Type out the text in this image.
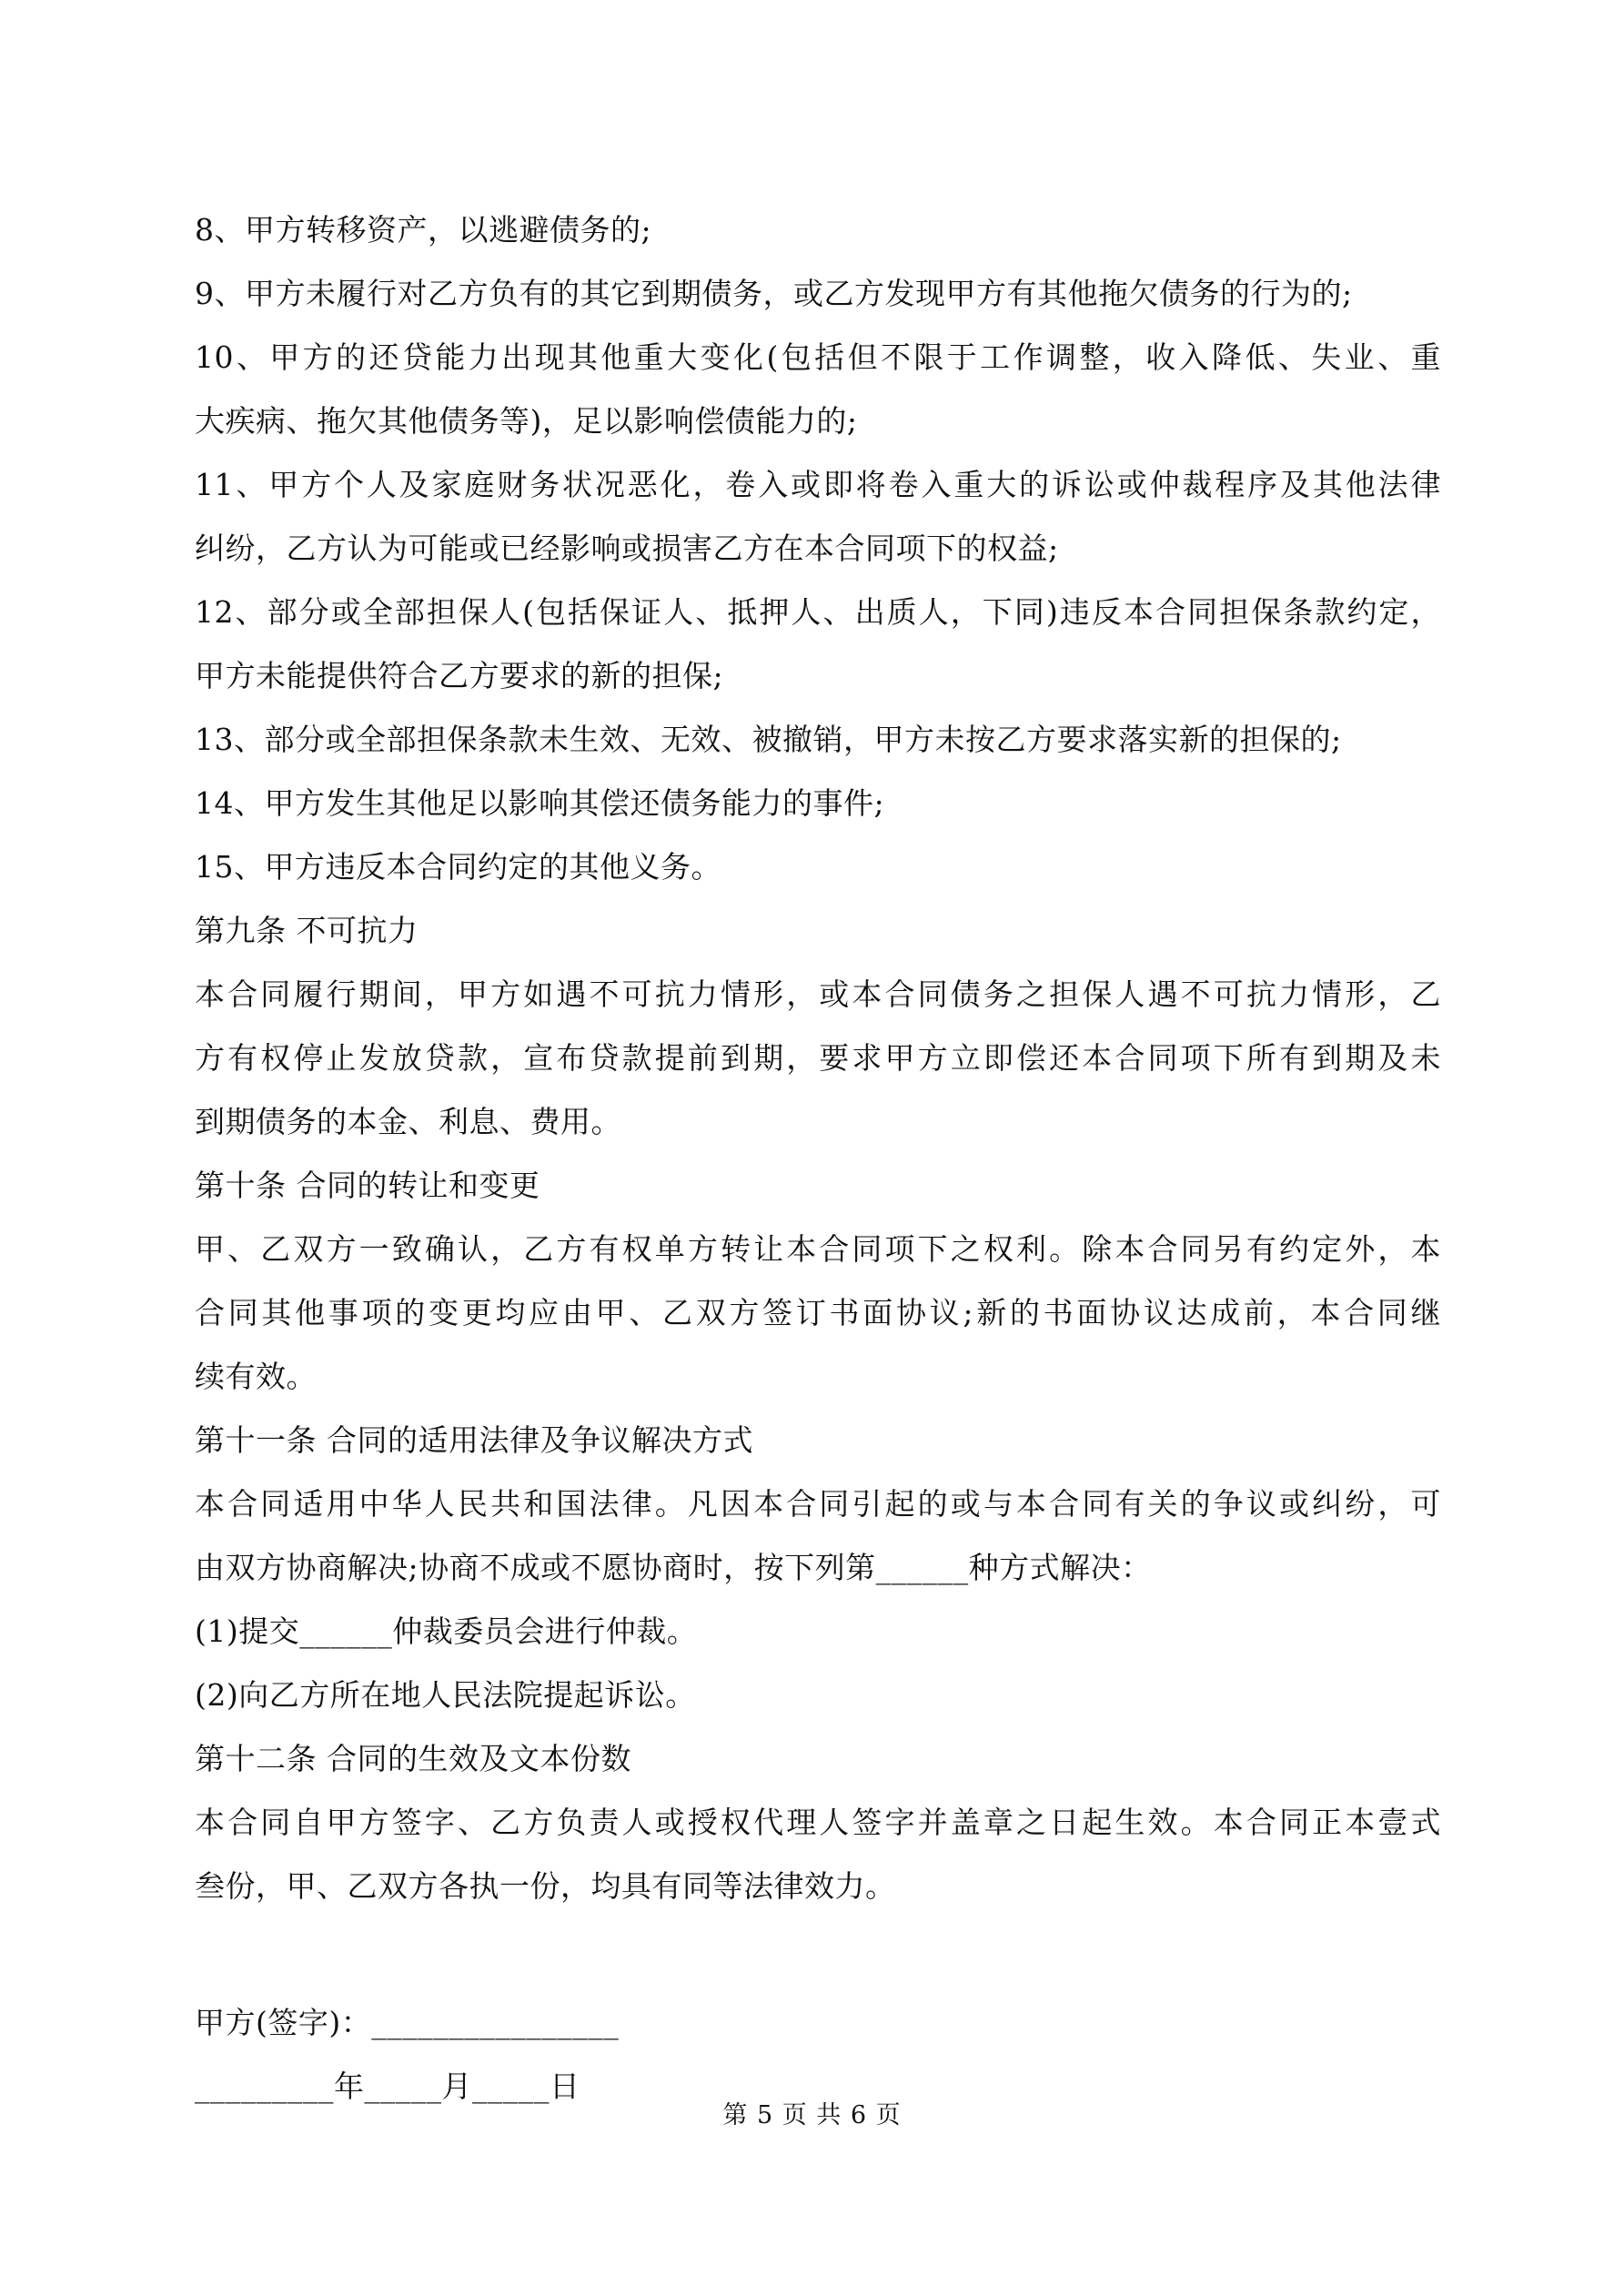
8、甲方转移资产，以逃避债务的;
9、甲方未履行对乙方负有的其它到期债务，或乙方发现甲方有其他拖欠债务的行为的;
10、甲方的还贷能力出现其他重大变化(包括但不限于工作调整，收入降低、失业、重
大疾病、拖欠其他债务等)，足以影响偿债能力的;
11、甲方个人及家庭财务状况恶化，卷入或即将卷入重大的诉讼或仲裁程序及其他法律
纠纷，乙方认为可能或已经影响或损害乙方在本合同项下的权益;
12、部分或全部担保人(包括保证人、抵押人、出质人，下同)违反本合同担保条款约定，
甲方未能提供符合乙方要求的新的担保;
13、部分或全部担保条款未生效、无效、被撤销，甲方未按乙方要求落实新的担保的;
14、甲方发生其他足以影响其偿还债务能力的事件;
15、甲方违反本合同约定的其他义务。
第九条 不可抗力
本合同履行期间，甲方如遇不可抗力情形，或本合同债务之担保人遇不可抗力情形，乙
方有权停止发放贷款，宣布贷款提前到期，要求甲方立即偿还本合同项下所有到期及未
到期债务的本金、利息、费用。
第十条 合同的转让和变更
甲、乙双方一致确认，乙方有权单方转让本合同项下之权利。除本合同另有约定外，本
合同其他事项的变更均应由甲、乙双方签订书面协议;新的书面协议达成前，本合同继
续有效。
第十一条 合同的适用法律及争议解决方式
本合同适用中华人民共和国法律。凡因本合同引起的或与本合同有关的争议或纠纷，可
由双方协商解决;协商不成或不愿协商时，按下列第______种方式解决：
(1)提交______仲裁委员会进行仲裁。
(2)向乙方所在地人民法院提起诉讼。
第十二条 合同的生效及文本份数
本合同自甲方签字、乙方负责人或授权代理人签字并盖章之日起生效。本合同正本壹式
叁份，甲、乙双方各执一份，均具有同等法律效力。
甲方(签字)：________________
_________年_____月_____日
第 5 页 共 6 页
